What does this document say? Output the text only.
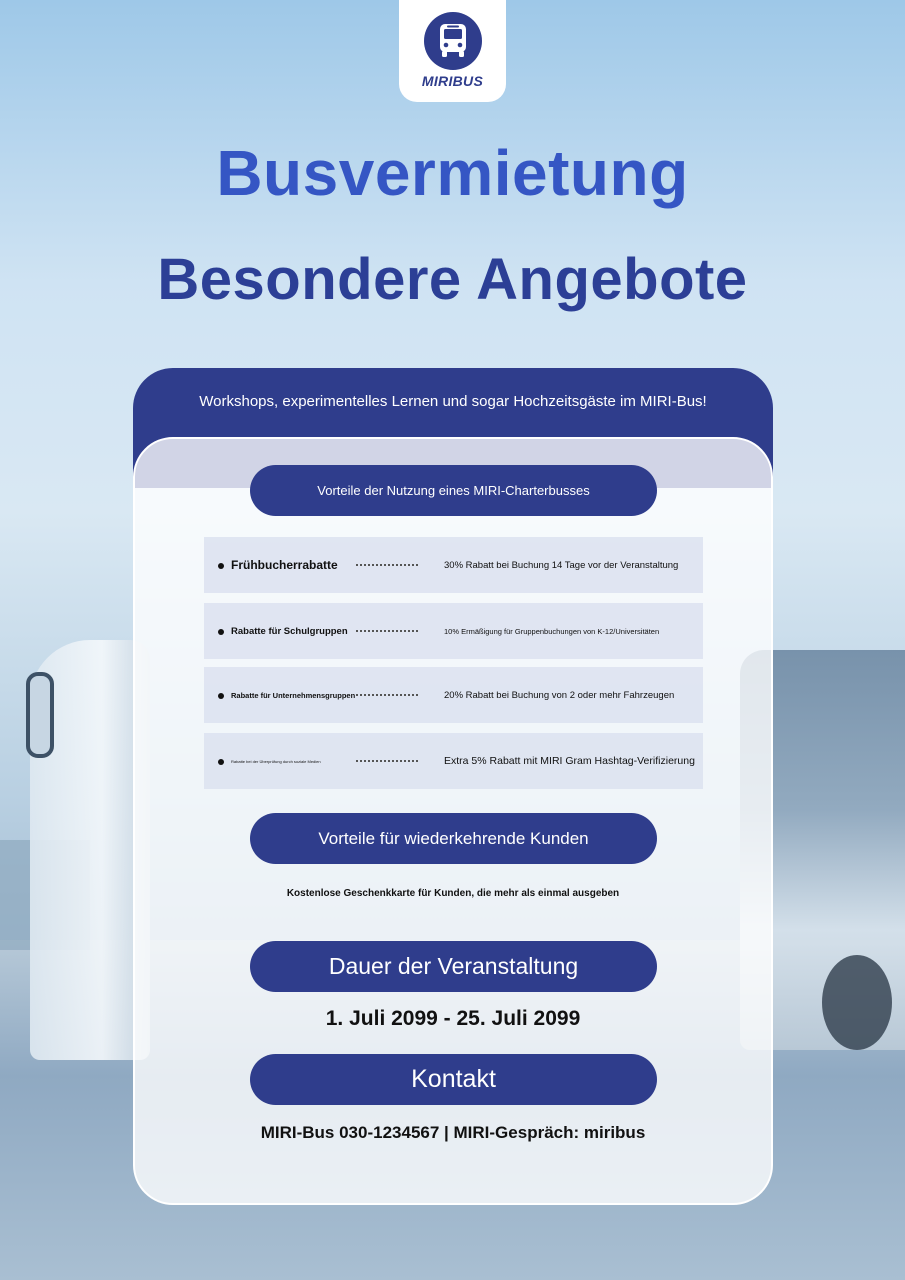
MIRIBUS
Busvermietung
Besondere Angebote
Workshops, experimentelles Lernen und sogar Hochzeitsgäste im MIRI-Bus!
Vorteile der Nutzung eines MIRI-Charterbusses
Frühbucherrabatte	30% Rabatt bei Buchung 14 Tage vor der Veranstaltung
Rabatte für Schulgruppen	10% Ermäßigung für Gruppenbuchungen von K-12/Universitäten
Rabatte für Unternehmensgruppen	20% Rabatt bei Buchung von 2 oder mehr Fahrzeugen
Rabatte bei der Überprüfung durch soziale Medien	Extra 5% Rabatt mit MIRI Gram Hashtag-Verifizierung
Vorteile für wiederkehrende Kunden
Kostenlose Geschenkkarte für Kunden, die mehr als einmal ausgeben
Dauer der Veranstaltung
1. Juli 2099 - 25. Juli 2099
Kontakt
MIRI-Bus 030-1234567 | MIRI-Gespräch: miribus
